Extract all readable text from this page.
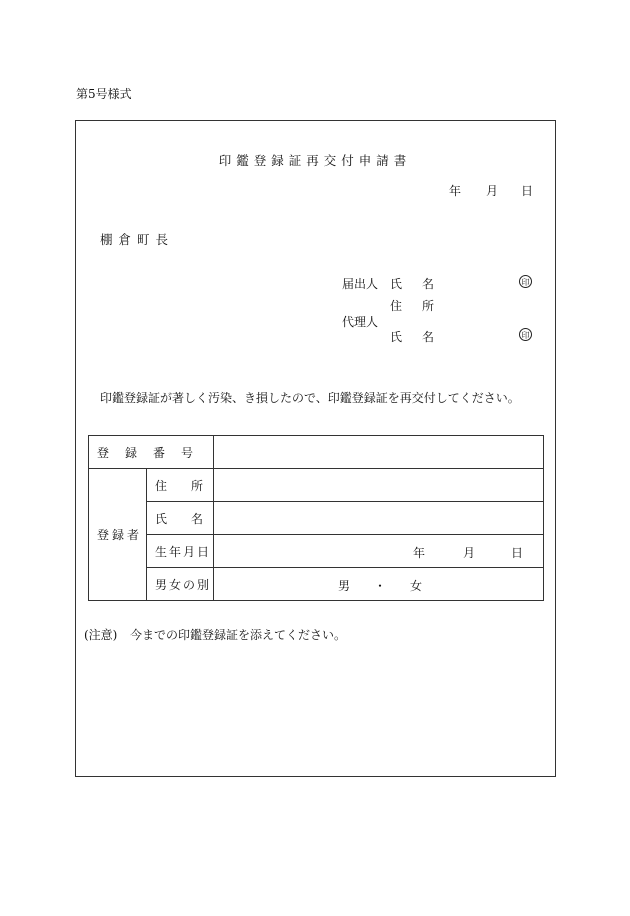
第5号様式
印鑑登録証再交付申請書
年 月 日
棚倉町長
届出人 氏　名	印
住　所
代理人
氏　名	印
印鑑登録証が著しく汚染、き損したので、印鑑登録証を再交付してください。
登　録　番　号		
登録者	住　　所	
	氏　　名	
	生年月日	年 月 日

	男女の別	男 ・ 女
(注意) 今までの印鑑登録証を添えてください。
